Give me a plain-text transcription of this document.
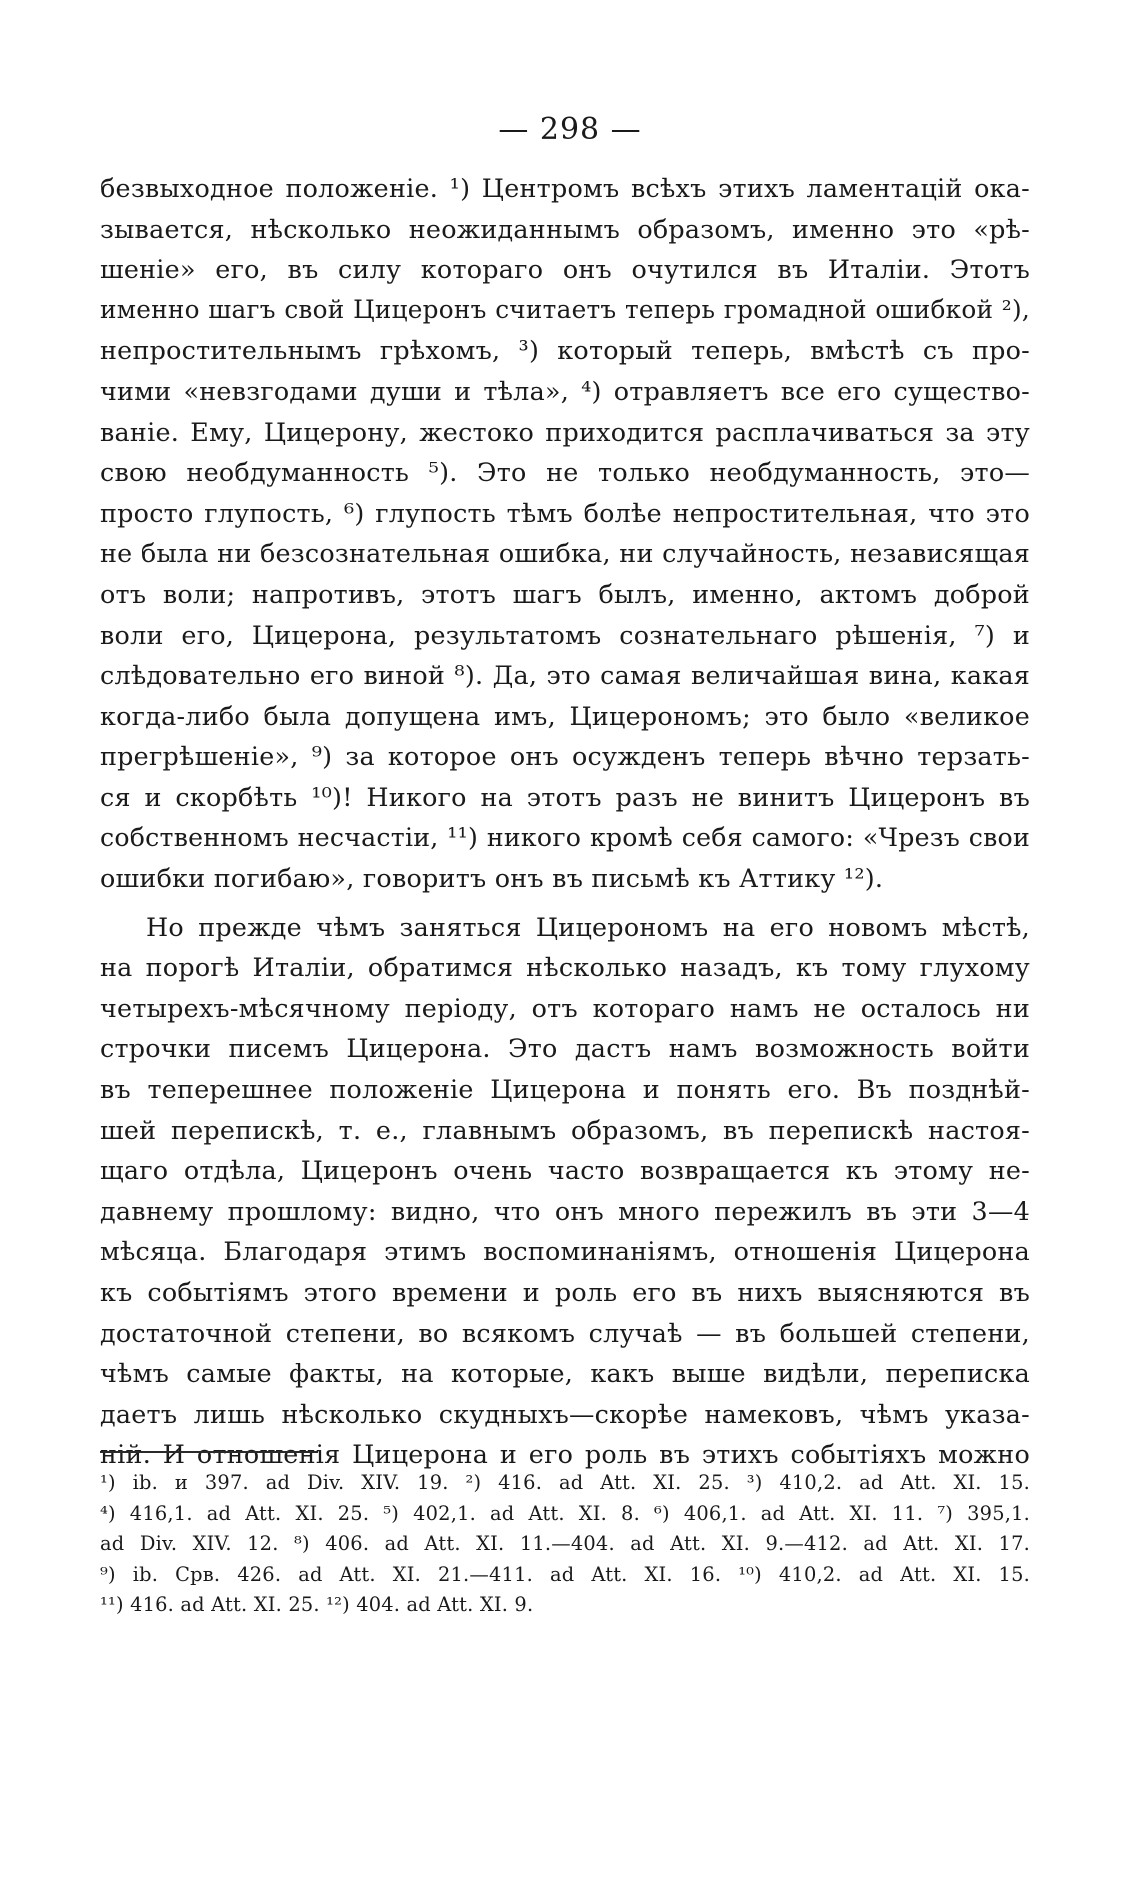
— 298 —
безвыходное положеніе. ¹) Центромъ всѣхъ этихъ ламентацій ока-
зывается, нѣсколько неожиданнымъ образомъ, именно это «рѣ-
шеніе» его, въ силу котораго онъ очутился въ Италіи. Этотъ
именно шагъ свой Цицеронъ считаетъ теперь громадной ошибкой ²),
непростительнымъ грѣхомъ, ³) который теперь, вмѣстѣ съ про-
чими «невзгодами души и тѣла», ⁴) отравляетъ все его существо-
ваніе. Ему, Цицерону, жестоко приходится расплачиваться за эту
свою необдуманность ⁵). Это не только необдуманность, это—
просто глупость, ⁶) глупость тѣмъ болѣе непростительная, что это
не была ни безсознательная ошибка, ни случайность, независящая
отъ воли; напротивъ, этотъ шагъ былъ, именно, актомъ доброй
воли его, Цицерона, результатомъ сознательнаго рѣшенія, ⁷) и
слѣдовательно его виной ⁸). Да, это самая величайшая вина, какая
когда-либо была допущена имъ, Цицерономъ; это было «великое
прегрѣшеніе», ⁹) за которое онъ осужденъ теперь вѣчно терзать-
ся и скорбѣть ¹⁰)! Никого на этотъ разъ не винитъ Цицеронъ въ
собственномъ несчастіи, ¹¹) никого кромѣ себя самого: «Чрезъ свои
ошибки погибаю», говоритъ онъ въ письмѣ къ Аттику ¹²).
Но прежде чѣмъ заняться Цицерономъ на его новомъ мѣстѣ,
на порогѣ Италіи, обратимся нѣсколько назадъ, къ тому глухому
четырехъ-мѣсячному періоду, отъ котораго намъ не осталось ни
строчки писемъ Цицерона. Это дастъ намъ возможность войти
въ теперешнее положеніе Цицерона и понять его. Въ позднѣй-
шей перепискѣ, т. е., главнымъ образомъ, въ перепискѣ настоя-
щаго отдѣла, Цицеронъ очень часто возвращается къ этому не-
давнему прошлому: видно, что онъ много пережилъ въ эти 3—4
мѣсяца. Благодаря этимъ воспоминаніямъ, отношенія Цицерона
къ событіямъ этого времени и роль его въ нихъ выясняются въ
достаточной степени, во всякомъ случаѣ — въ большей степени,
чѣмъ самые факты, на которые, какъ выше видѣли, переписка
даетъ лишь нѣсколько скудныхъ—скорѣе намековъ, чѣмъ указа-
ній. И отношенія Цицерона и его роль въ этихъ событіяхъ можно
¹) ib. и 397. ad Div. XIV. 19. ²) 416. ad Att. XI. 25. ³) 410,2. ad Att. XI. 15.
⁴) 416,1. ad Att. XI. 25. ⁵) 402,1. ad Att. XI. 8. ⁶) 406,1. ad Att. XI. 11. ⁷) 395,1.
ad Div. XIV. 12. ⁸) 406. ad Att. XI. 11.—404. ad Att. XI. 9.—412. ad Att. XI. 17.
⁹) ib. Срв. 426. ad Att. XI. 21.—411. ad Att. XI. 16. ¹⁰) 410,2. ad Att. XI. 15.
¹¹) 416. ad Att. XI. 25. ¹²) 404. ad Att. XI. 9.
